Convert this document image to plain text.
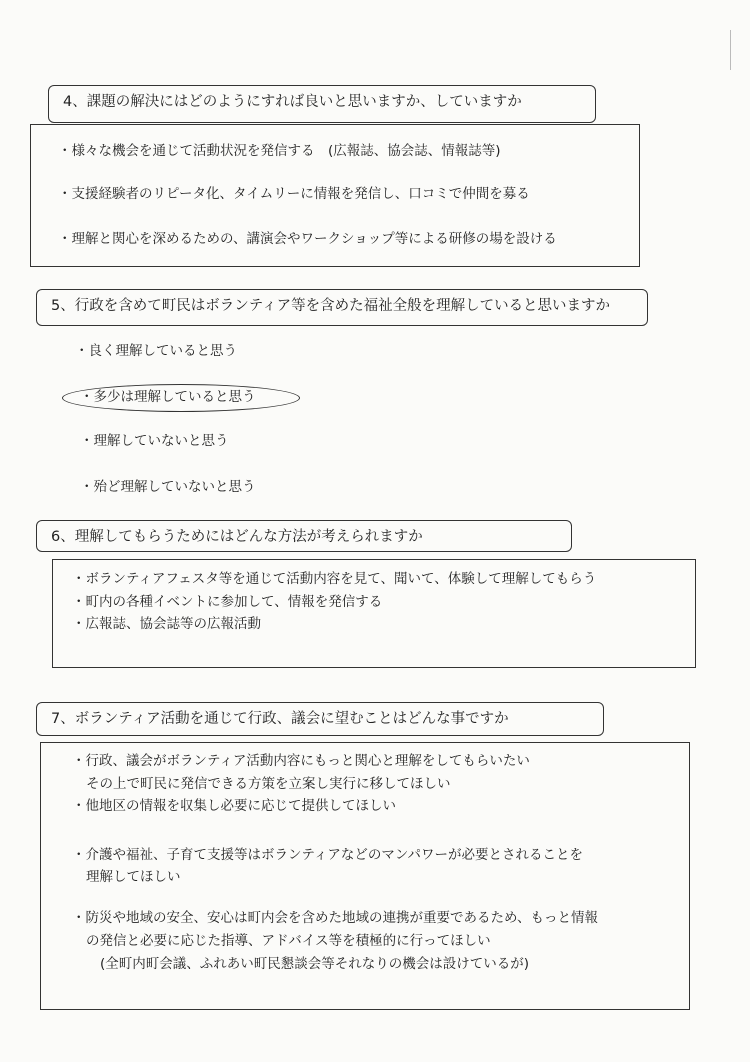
4、課題の解決にはどのようにすれば良いと思いますか、していますか
・様々な機会を通じて活動状況を発信する　(広報誌、協会誌、情報誌等)
・支援経験者のリピータ化、タイムリーに情報を発信し、口コミで仲間を募る
・理解と関心を深めるための、講演会やワークショップ等による研修の場を設ける
5、行政を含めて町民はボランティア等を含めた福祉全般を理解していると思いますか
・良く理解していると思う
・多少は理解していると思う
・理解していないと思う
・殆ど理解していないと思う
6、理解してもらうためにはどんな方法が考えられますか
・ボランティアフェスタ等を通じて活動内容を見て、聞いて、体験して理解してもらう
・町内の各種イベントに参加して、情報を発信する
・広報誌、協会誌等の広報活動
7、ボランティア活動を通じて行政、議会に望むことはどんな事ですか
・行政、議会がボランティア活動内容にもっと関心と理解をしてもらいたい
その上で町民に発信できる方策を立案し実行に移してほしい
・他地区の情報を収集し必要に応じて提供してほしい
・介護や福祉、子育て支援等はボランティアなどのマンパワーが必要とされることを
理解してほしい
・防災や地域の安全、安心は町内会を含めた地域の連携が重要であるため、もっと情報
の発信と必要に応じた指導、アドバイス等を積極的に行ってほしい
(全町内町会議、ふれあい町民懇談会等それなりの機会は設けているが)
